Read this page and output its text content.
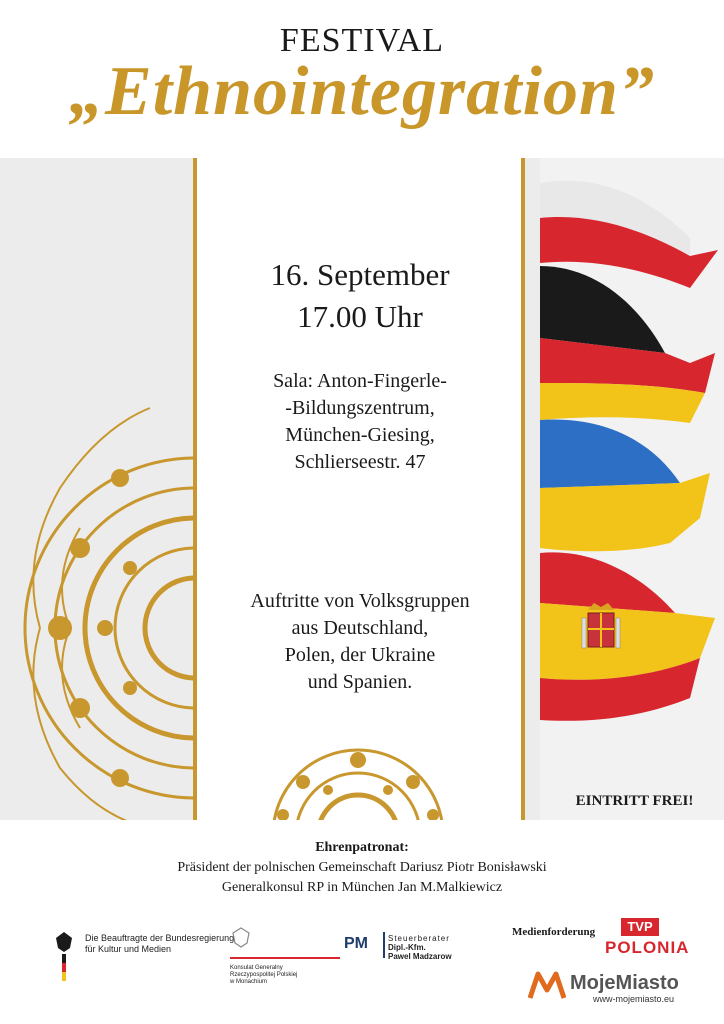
FESTIVAL
„Ethnointegration”
16. September
17.00 Uhr
Sala: Anton-Fingerle-
-Bildungszentrum,
München-Giesing,
Schlierseestr. 47
Auftritte von Volksgruppen
aus Deutschland,
Polen, der Ukraine
und Spanien.
EINTRITT FREI!
Ehrenpatronat:
Präsident der polnischen Gemeinschaft Dariusz Piotr Bonisławski
Generalkonsul RP in München Jan M.Malkiewicz
Die Beauftragte der Bundesregierung
für Kultur und Medien
Konsulat Generalny
Rzeczypospolitej Polskiej
w Monachium
PM	Steuerberater
Dipl.-Kfm.
Pawel Madzarow
Medienforderung	TVP
POLONIA
MojeMiasto
www-mojemiasto.eu
